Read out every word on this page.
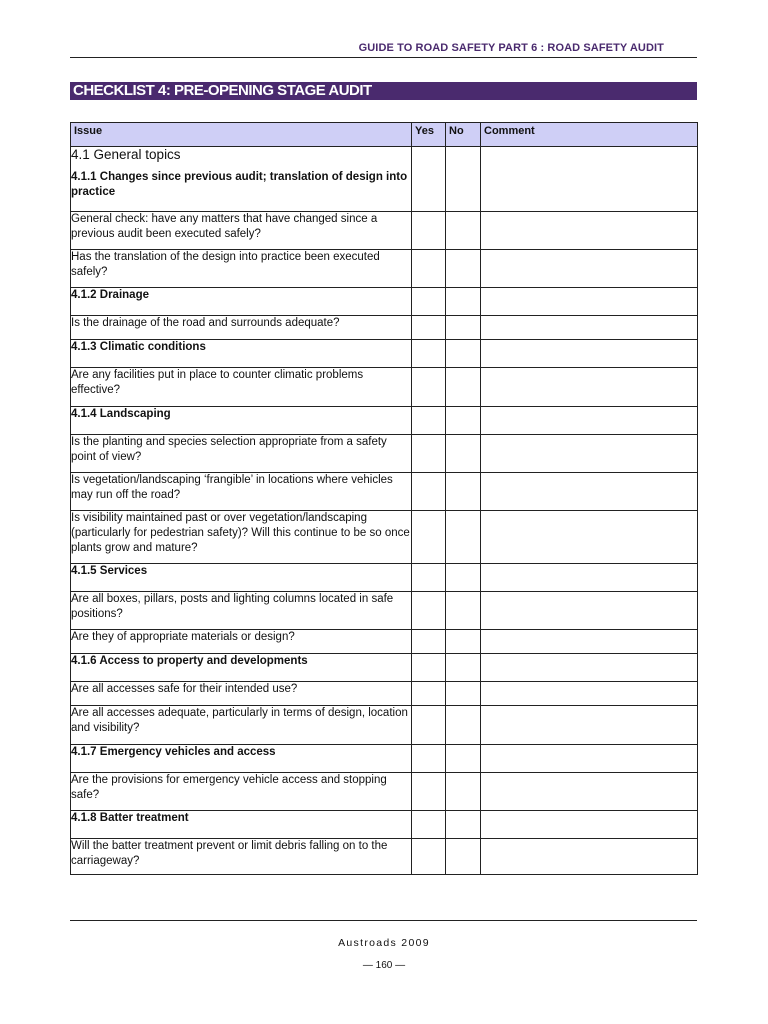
GUIDE TO ROAD SAFETY PART 6 : ROAD SAFETY AUDIT
CHECKLIST 4: PRE-OPENING STAGE AUDIT
Issue	Yes	No	Comment
4.1 General topics			
4.1.1 Changes since previous audit; translation of design into practice			
General check: have any matters that have changed since a previous audit been executed safely?			
Has the translation of the design into practice been executed safely?			
4.1.2 Drainage			
Is the drainage of the road and surrounds adequate?			
4.1.3 Climatic conditions			
Are any facilities put in place to counter climatic problems effective?			
4.1.4 Landscaping			
Is the planting and species selection appropriate from a safety point of view?			
Is vegetation/landscaping ‘frangible’ in locations where vehicles may run off the road?			
Is visibility maintained past or over vegetation/landscaping (particularly for pedestrian safety)? Will this continue to be so once plants grow and mature?			
4.1.5 Services			
Are all boxes, pillars, posts and lighting columns located in safe positions?			
Are they of appropriate materials or design?			
4.1.6 Access to property and developments			
Are all accesses safe for their intended use?			
Are all accesses adequate, particularly in terms of design, location and visibility?			
4.1.7 Emergency vehicles and access			
Are the provisions for emergency vehicle access and stopping safe?			
4.1.8 Batter treatment			
Will the batter treatment prevent or limit debris falling on to the carriageway?			
Austroads 2009
— 160 —
